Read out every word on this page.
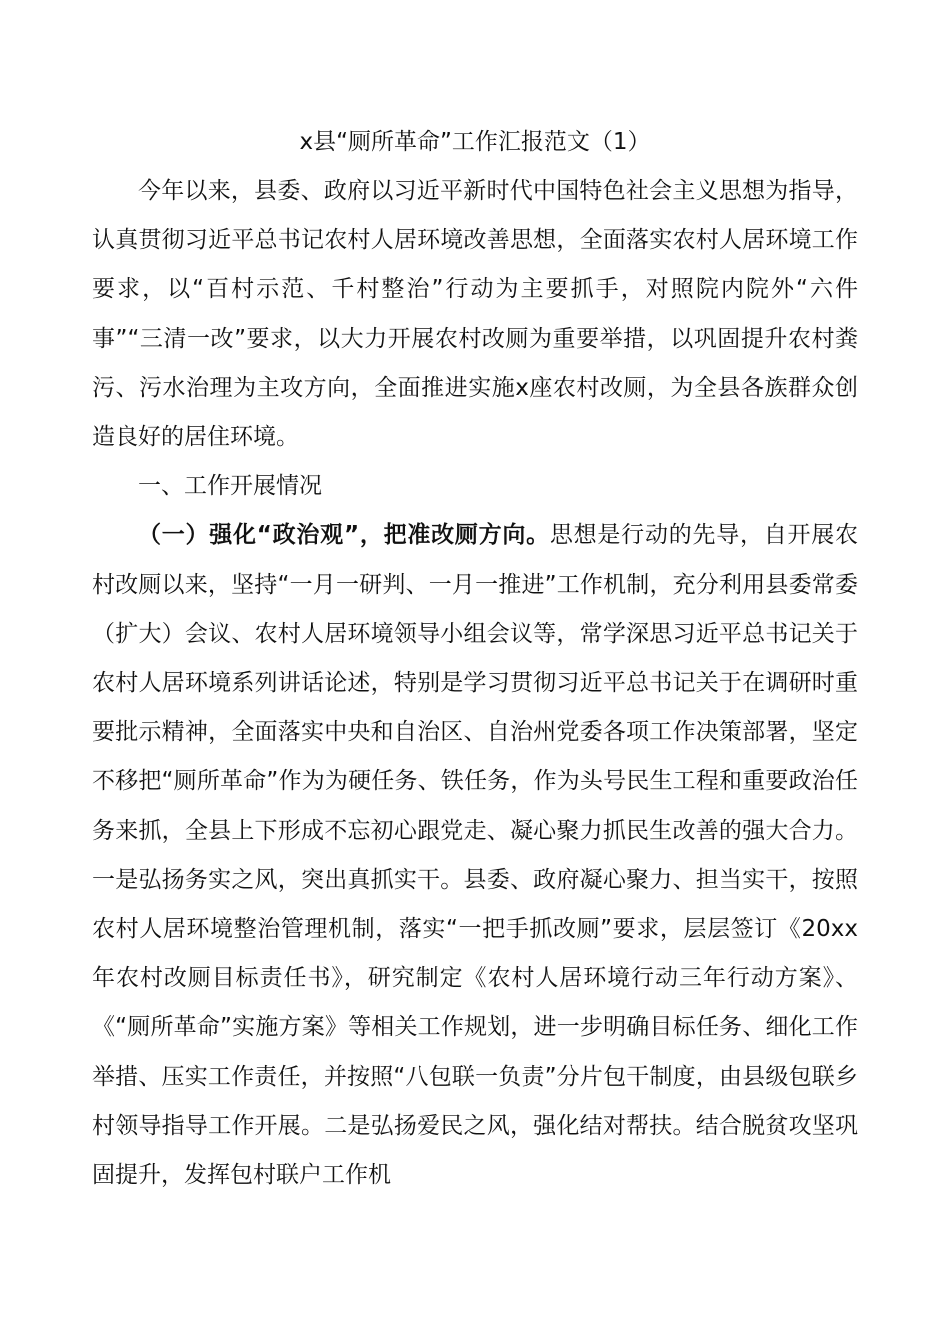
x县“厕所革命”工作汇报范文（1）

今年以来，县委、政府以习近平新时代中国特色社会主义思想为指导，认真贯彻习近平总书记农村人居环境改善思想，全面落实农村人居环境工作要求，以“百村示范、千村整治”行动为主要抓手，对照院内院外“六件事”“三清一改”要求，以大力开展农村改厕为重要举措，以巩固提升农村粪污、污水治理为主攻方向，全面推进实施x座农村改厕，为全县各族群众创造良好的居住环境。

一、工作开展情况

（一）强化“政治观”，把准改厕方向。思想是行动的先导，自开展农村改厕以来，坚持“一月一研判、一月一推进”工作机制，充分利用县委常委（扩大）会议、农村人居环境领导小组会议等，常学深思习近平总书记关于农村人居环境系列讲话论述，特别是学习贯彻习近平总书记关于在调研时重要批示精神，全面落实中央和自治区、自治州党委各项工作决策部署，坚定不移把“厕所革命”作为为硬任务、铁任务，作为头号民生工程和重要政治任务来抓，全县上下形成不忘初心跟党走、凝心聚力抓民生改善的强大合力。一是弘扬务实之风，突出真抓实干。县委、政府凝心聚力、担当实干，按照农村人居环境整治管理机制，落实“一把手抓改厕”要求，层层签订《20xx年农村改厕目标责任书》，研究制定《农村人居环境行动三年行动方案》、《“厕所革命”实施方案》等相关工作规划，进一步明确目标任务、细化工作举措、压实工作责任，并按照“八包联一负责”分片包干制度，由县级包联乡村领导指导工作开展。二是弘扬爱民之风，强化结对帮扶。结合脱贫攻坚巩固提升，发挥包村联户工作机
